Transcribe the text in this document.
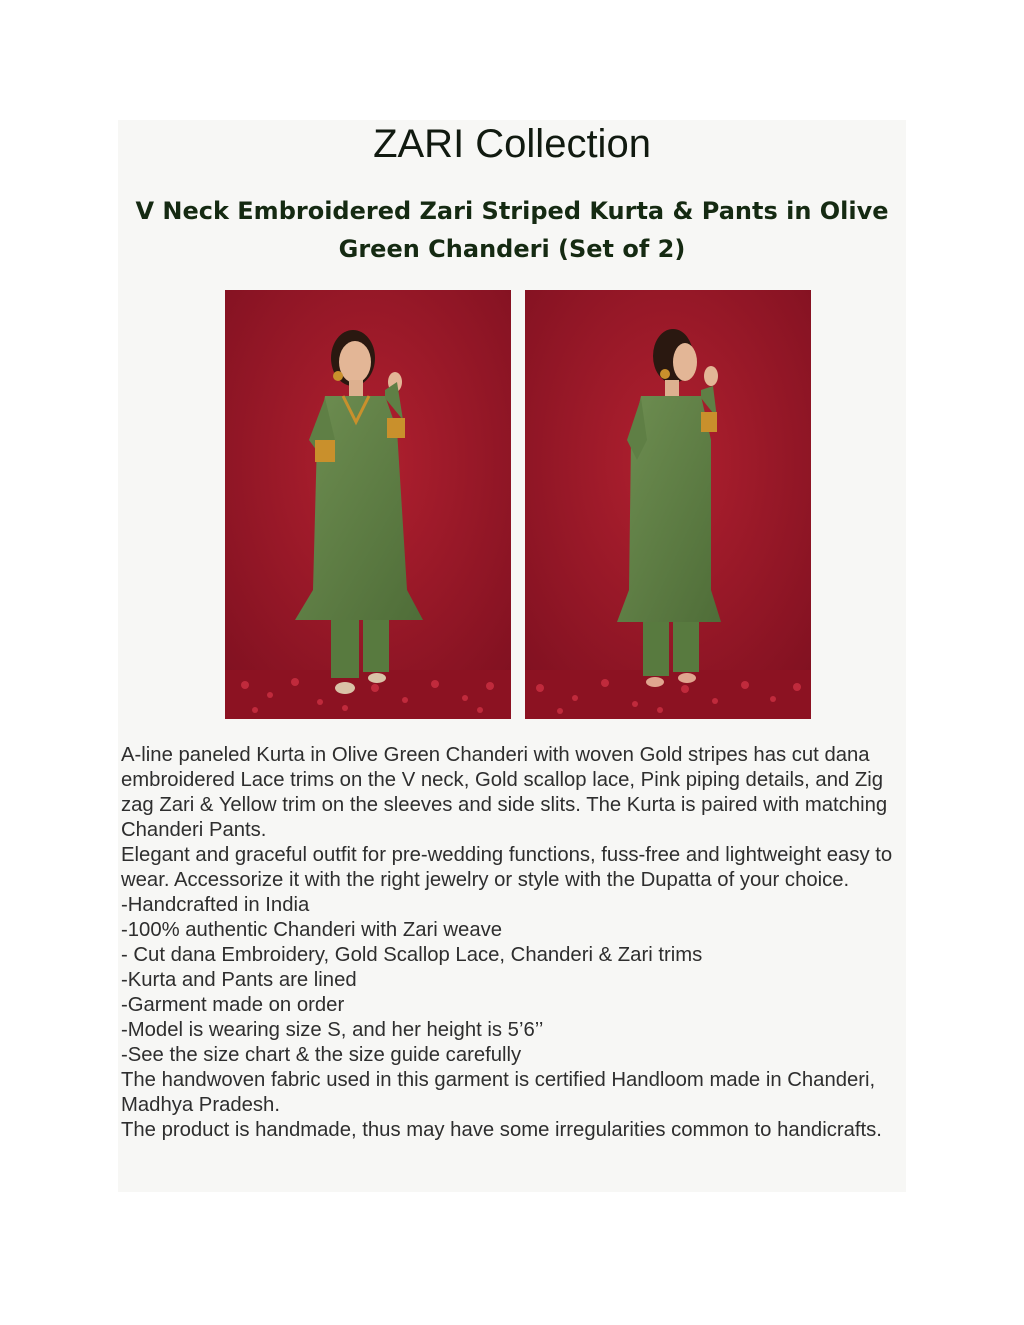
ZARI Collection
V Neck Embroidered Zari Striped Kurta & Pants in Olive Green Chanderi (Set of 2)

A-line paneled Kurta in Olive Green Chanderi with woven Gold stripes has cut dana embroidered Lace trims on the V neck, Gold scallop lace, Pink piping details, and Zig zag Zari & Yellow trim on the sleeves and side slits. The Kurta is paired with matching Chanderi Pants.

Elegant and graceful outfit for pre-wedding functions, fuss-free and lightweight easy to wear. Accessorize it with the right jewelry or style with the Dupatta of your choice.

-Handcrafted in India

-100% authentic Chanderi with Zari weave

- Cut dana Embroidery, Gold Scallop Lace, Chanderi & Zari trims

-Kurta and Pants are lined

-Garment made on order

-Model is wearing size S, and her height is 5’6’’

-See the size chart & the size guide carefully

The handwoven fabric used in this garment is certified Handloom made in Chanderi, Madhya Pradesh.

The product is handmade, thus may have some irregularities common to handicrafts.
